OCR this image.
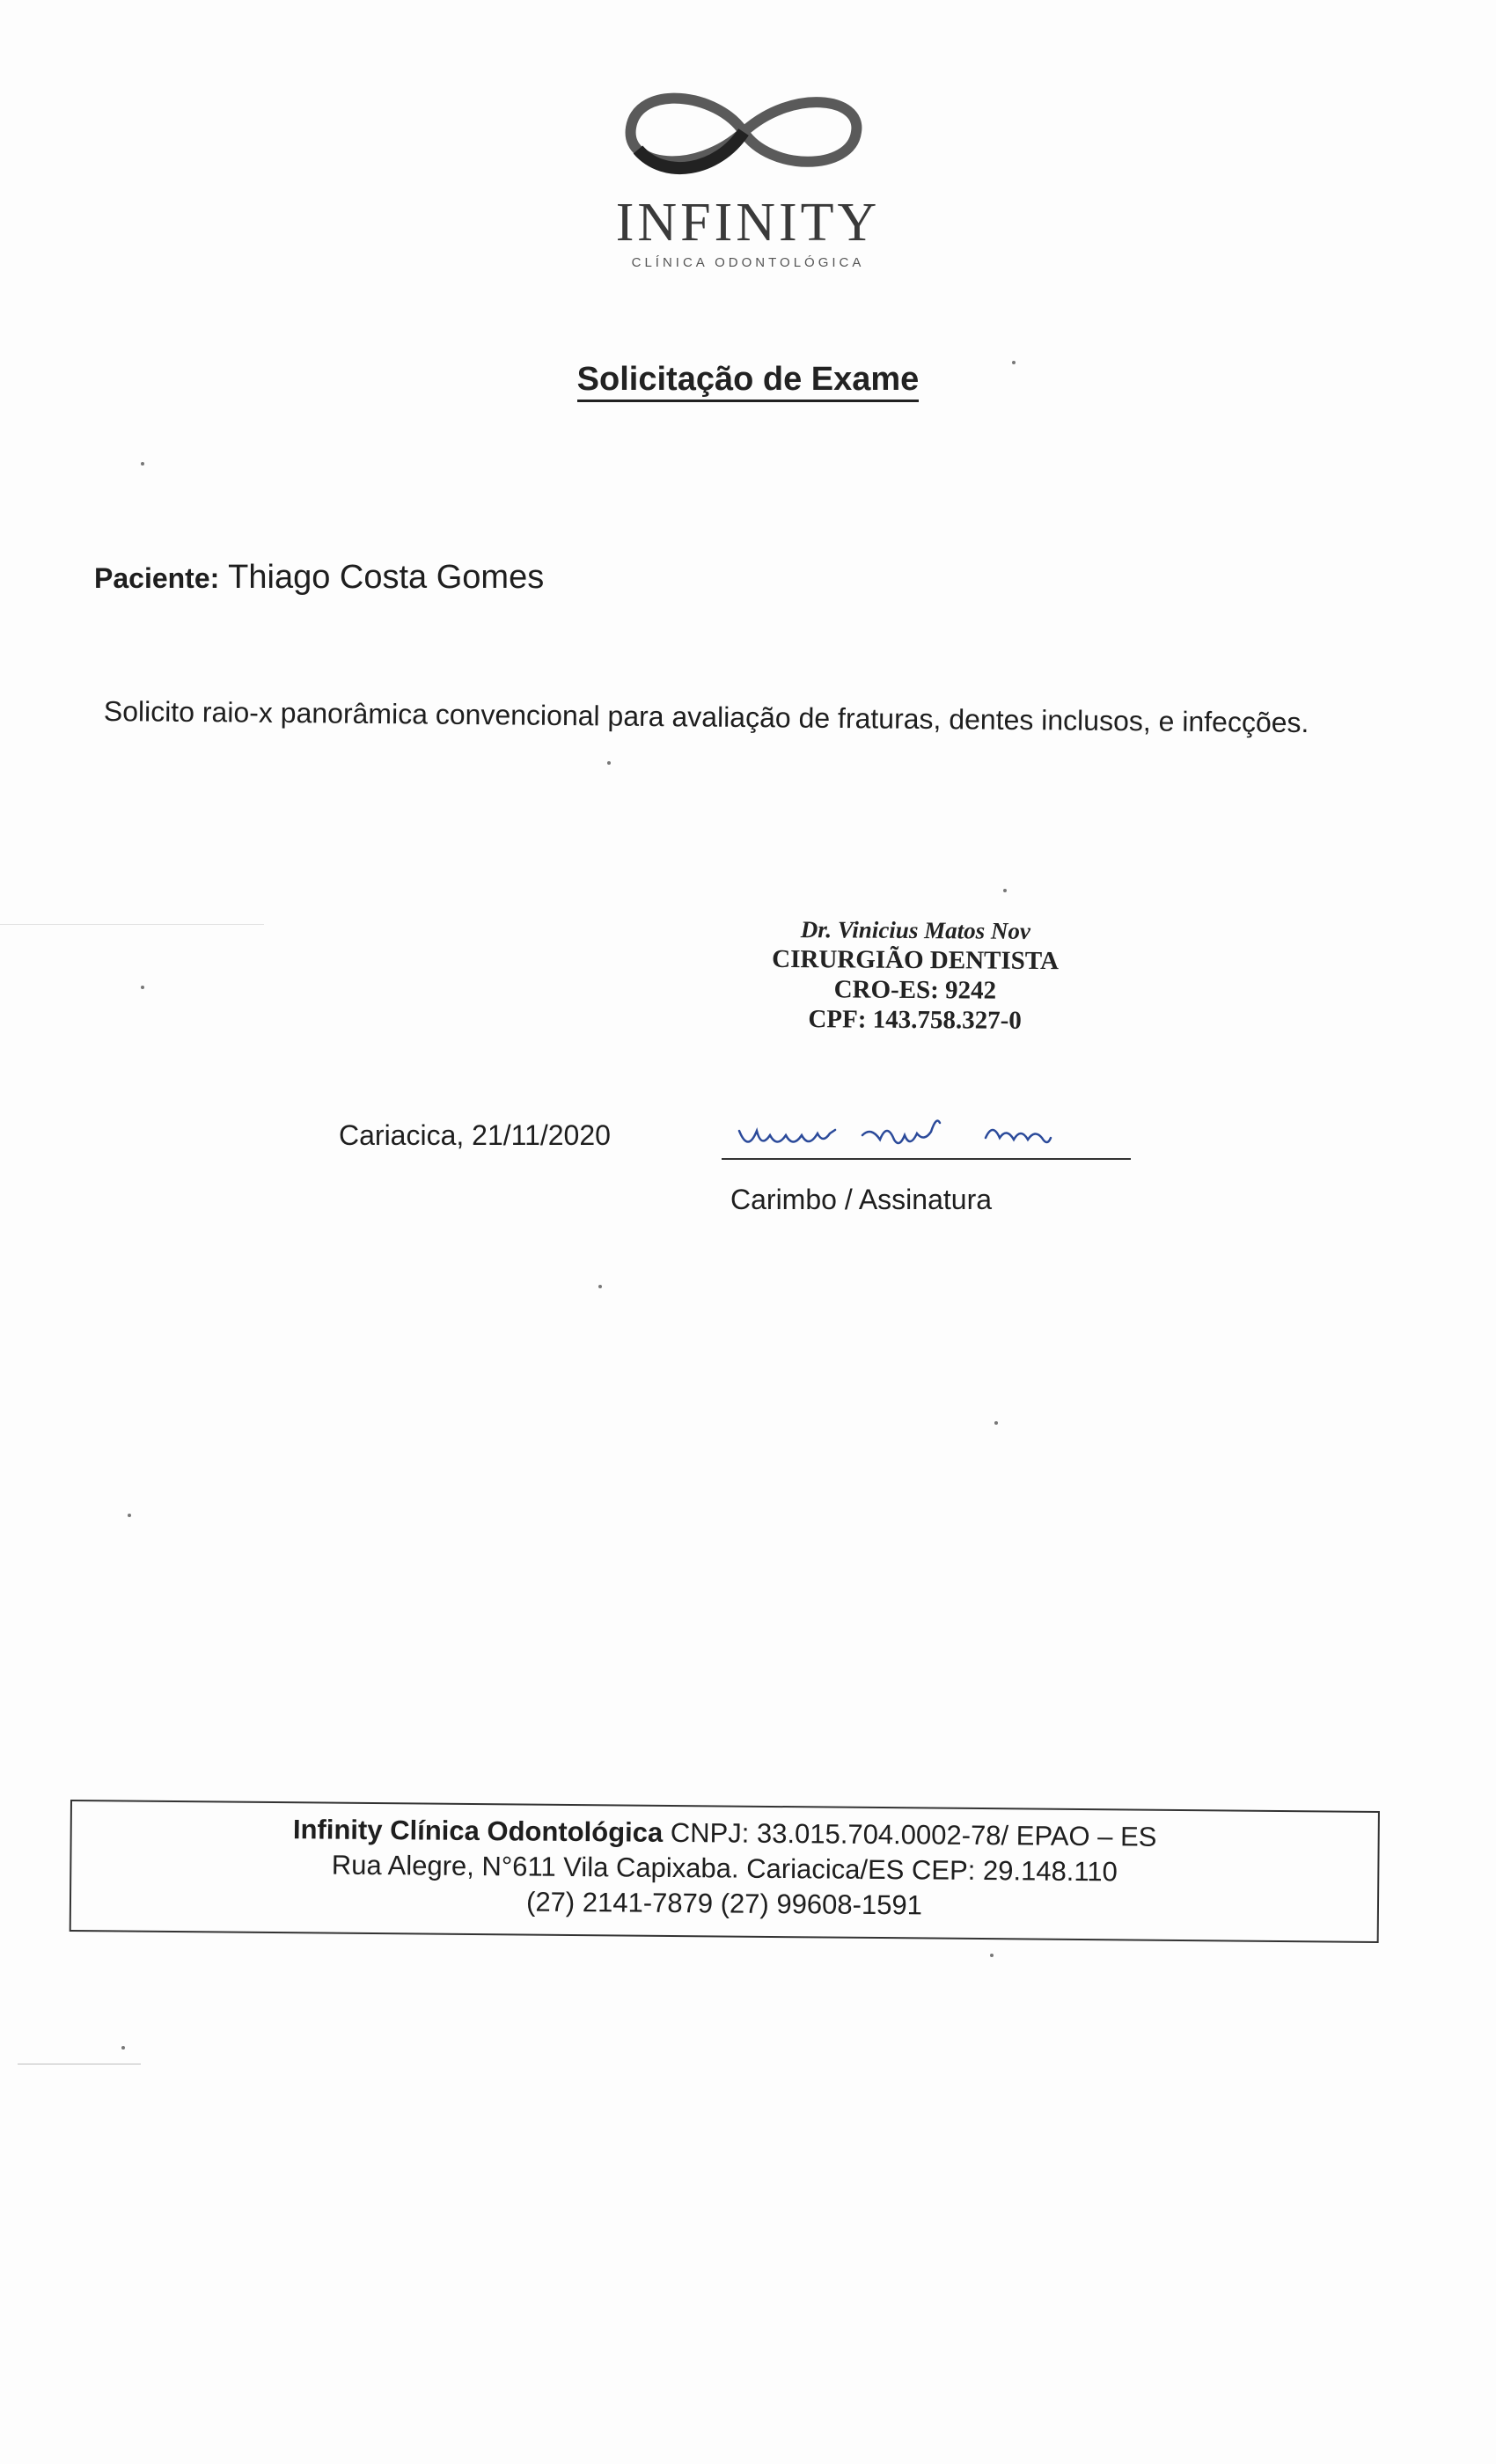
INFINITY
CLÍNICA ODONTOLÓGICA
Solicitação de Exame
Paciente: Thiago Costa Gomes
Solicito raio-x panorâmica convencional para avaliação de fraturas, dentes inclusos, e infecções.
Dr. Vinicius Matos Nov
CIRURGIÃO DENTISTA
CRO-ES: 9242
CPF: 143.758.327-0
Cariacica, 21/11/2020
Carimbo / Assinatura
Infinity Clínica Odontológica CNPJ: 33.015.704.0002-78/ EPAO – ES
Rua Alegre, N°611 Vila Capixaba. Cariacica/ES CEP: 29.148.110
(27) 2141-7879 (27) 99608-1591
